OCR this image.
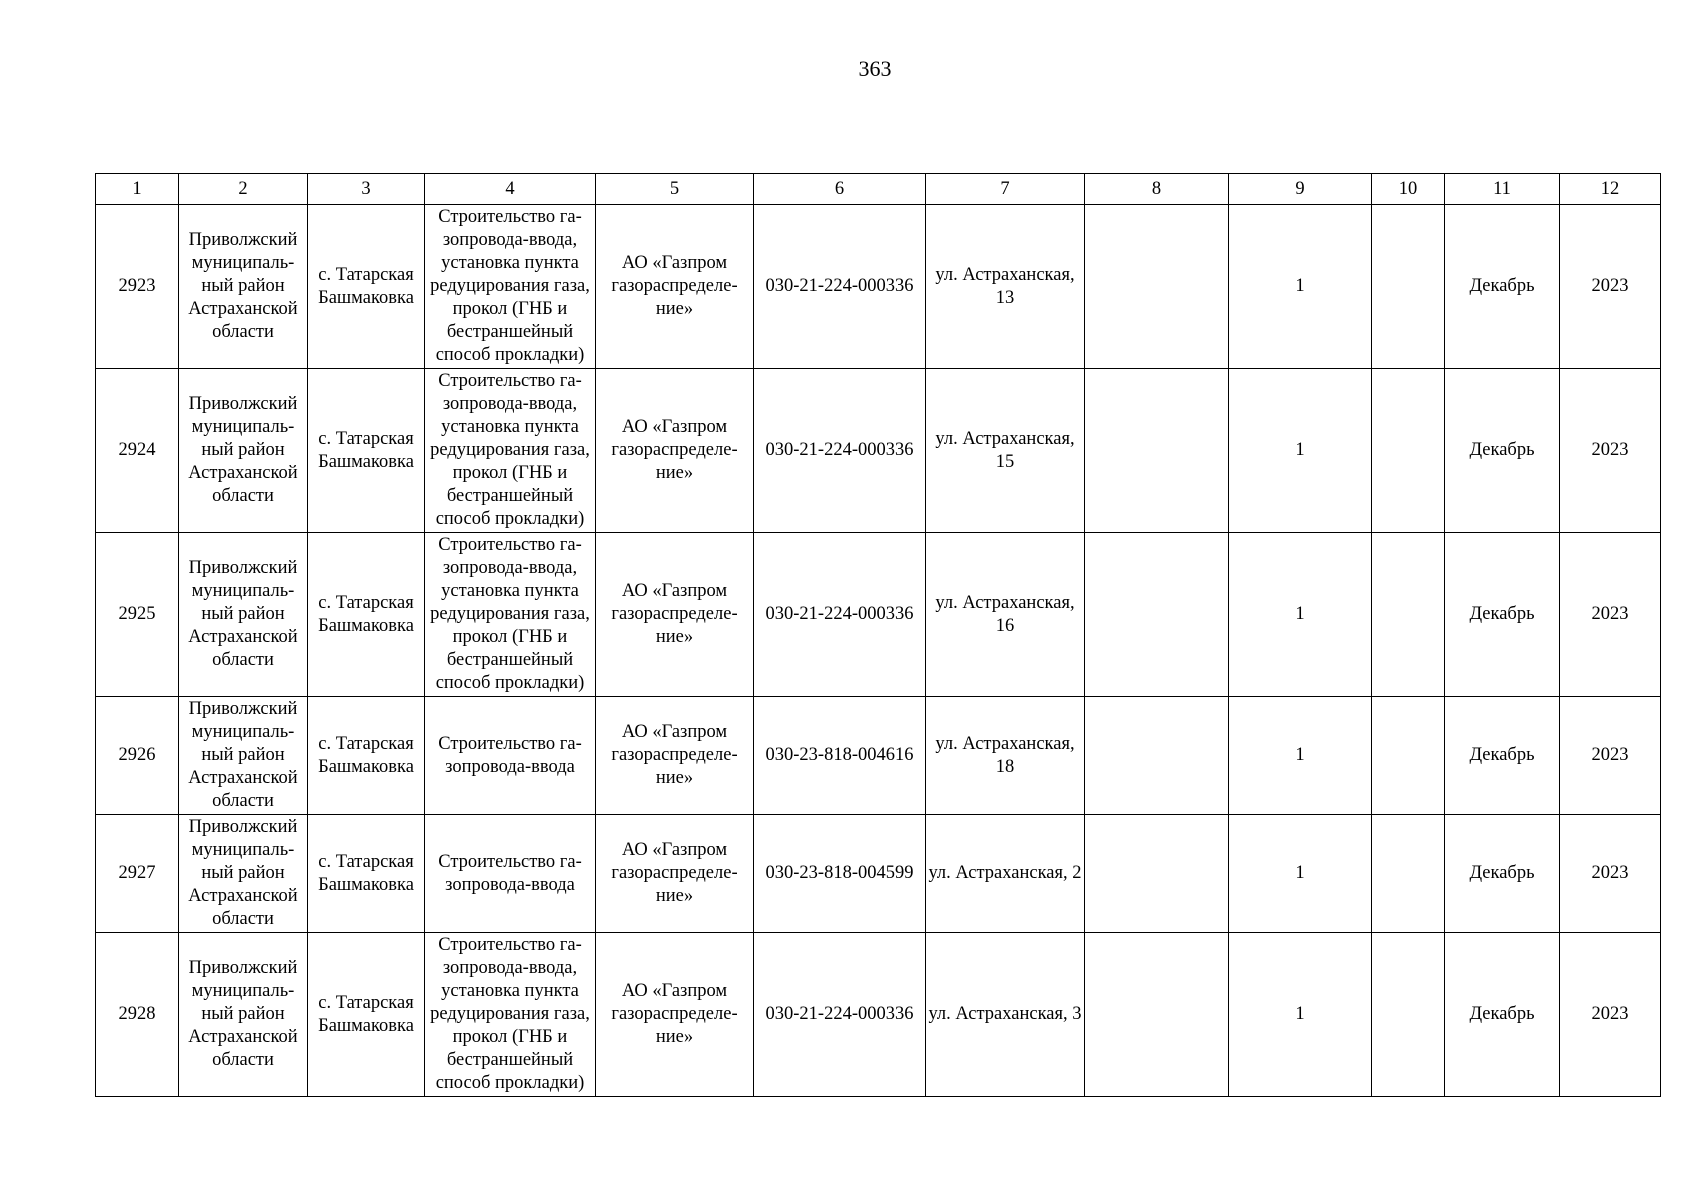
363
1	2	3	4	5	6	7	8	9	10	11	12
2923	Приволжский муниципаль-ный район Астраханской области	с. Татарская Башмаковка	Строительство га-зопровода-ввода, установка пункта редуцирования газа, прокол (ГНБ и бестраншейный способ прокладки)	АО «Газпром газораспределе-ние»	030-21-224-000336	ул. Астраханская, 13		1		Декабрь	2023
2924	Приволжский муниципаль-ный район Астраханской области	с. Татарская Башмаковка	Строительство га-зопровода-ввода, установка пункта редуцирования газа, прокол (ГНБ и бестраншейный способ прокладки)	АО «Газпром газораспределе-ние»	030-21-224-000336	ул. Астраханская, 15		1		Декабрь	2023
2925	Приволжский муниципаль-ный район Астраханской области	с. Татарская Башмаковка	Строительство га-зопровода-ввода, установка пункта редуцирования газа, прокол (ГНБ и бестраншейный способ прокладки)	АО «Газпром газораспределе-ние»	030-21-224-000336	ул. Астраханская, 16		1		Декабрь	2023
2926	Приволжский муниципаль-ный район Астраханской области	с. Татарская Башмаковка	Строительство га-зопровода-ввода	АО «Газпром газораспределе-ние»	030-23-818-004616	ул. Астраханская, 18		1		Декабрь	2023
2927	Приволжский муниципаль-ный район Астраханской области	с. Татарская Башмаковка	Строительство га-зопровода-ввода	АО «Газпром газораспределе-ние»	030-23-818-004599	ул. Астраханская, 2		1		Декабрь	2023
2928	Приволжский муниципаль-ный район Астраханской области	с. Татарская Башмаковка	Строительство га-зопровода-ввода, установка пункта редуцирования газа, прокол (ГНБ и бестраншейный способ прокладки)	АО «Газпром газораспределе-ние»	030-21-224-000336	ул. Астраханская, 3		1		Декабрь	2023
